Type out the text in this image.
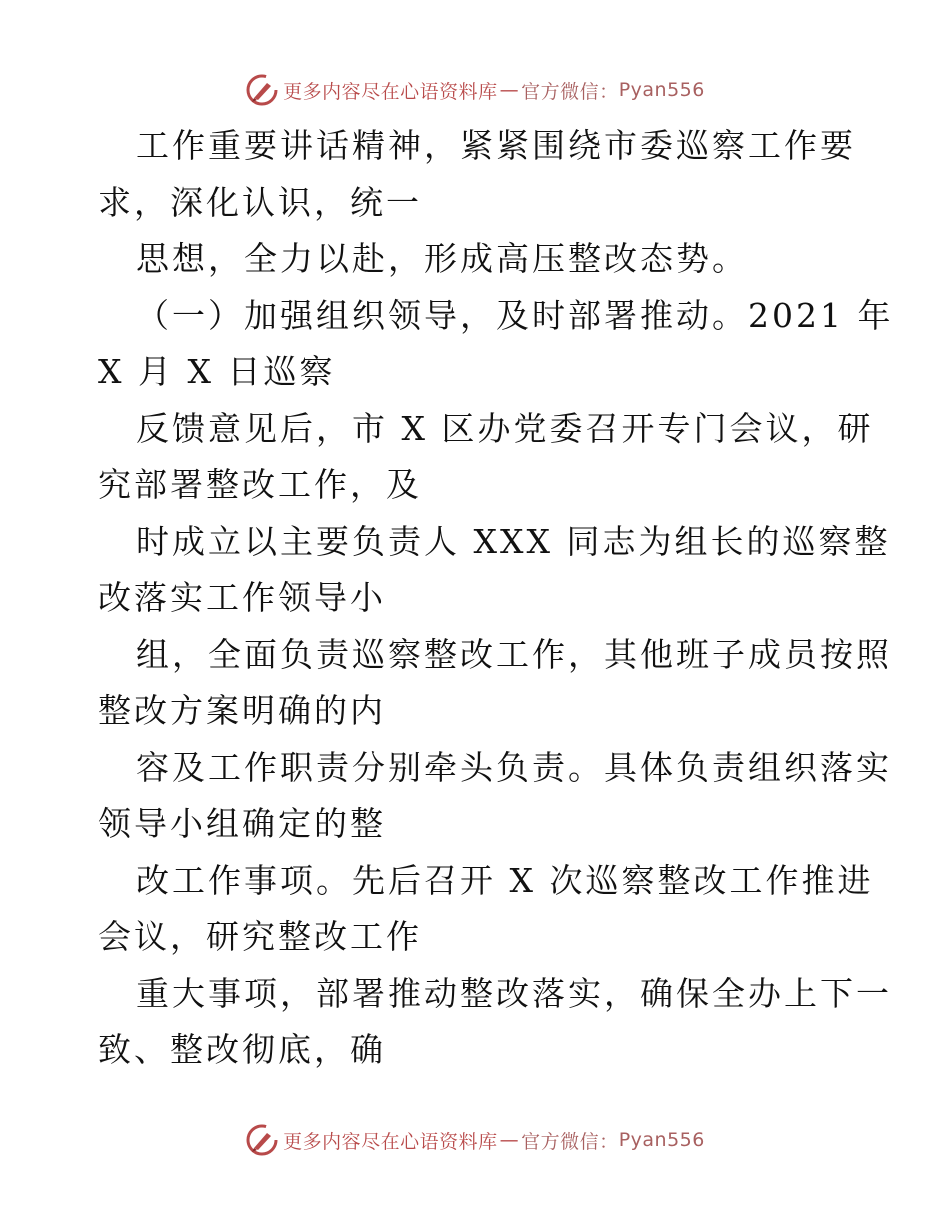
更多内容尽在心语资料库 — 官方微信： Pyan556

工作重要讲话精神，紧紧围绕市委巡察工作要

求，深化认识，统一

思想，全力以赴，形成高压整改态势。

（一）加强组织领导，及时部署推动。2021 年

X 月 X 日巡察

反馈意见后，市 X 区办党委召开专门会议，研

究部署整改工作，及

时成立以主要负责人 XXX 同志为组长的巡察整

改落实工作领导小

组，全面负责巡察整改工作，其他班子成员按照

整改方案明确的内

容及工作职责分别牵头负责。具体负责组织落实

领导小组确定的整

改工作事项。先后召开 X 次巡察整改工作推进

会议，研究整改工作

重大事项，部署推动整改落实，确保全办上下一

致、整改彻底，确

更多内容尽在心语资料库 — 官方微信： Pyan556
